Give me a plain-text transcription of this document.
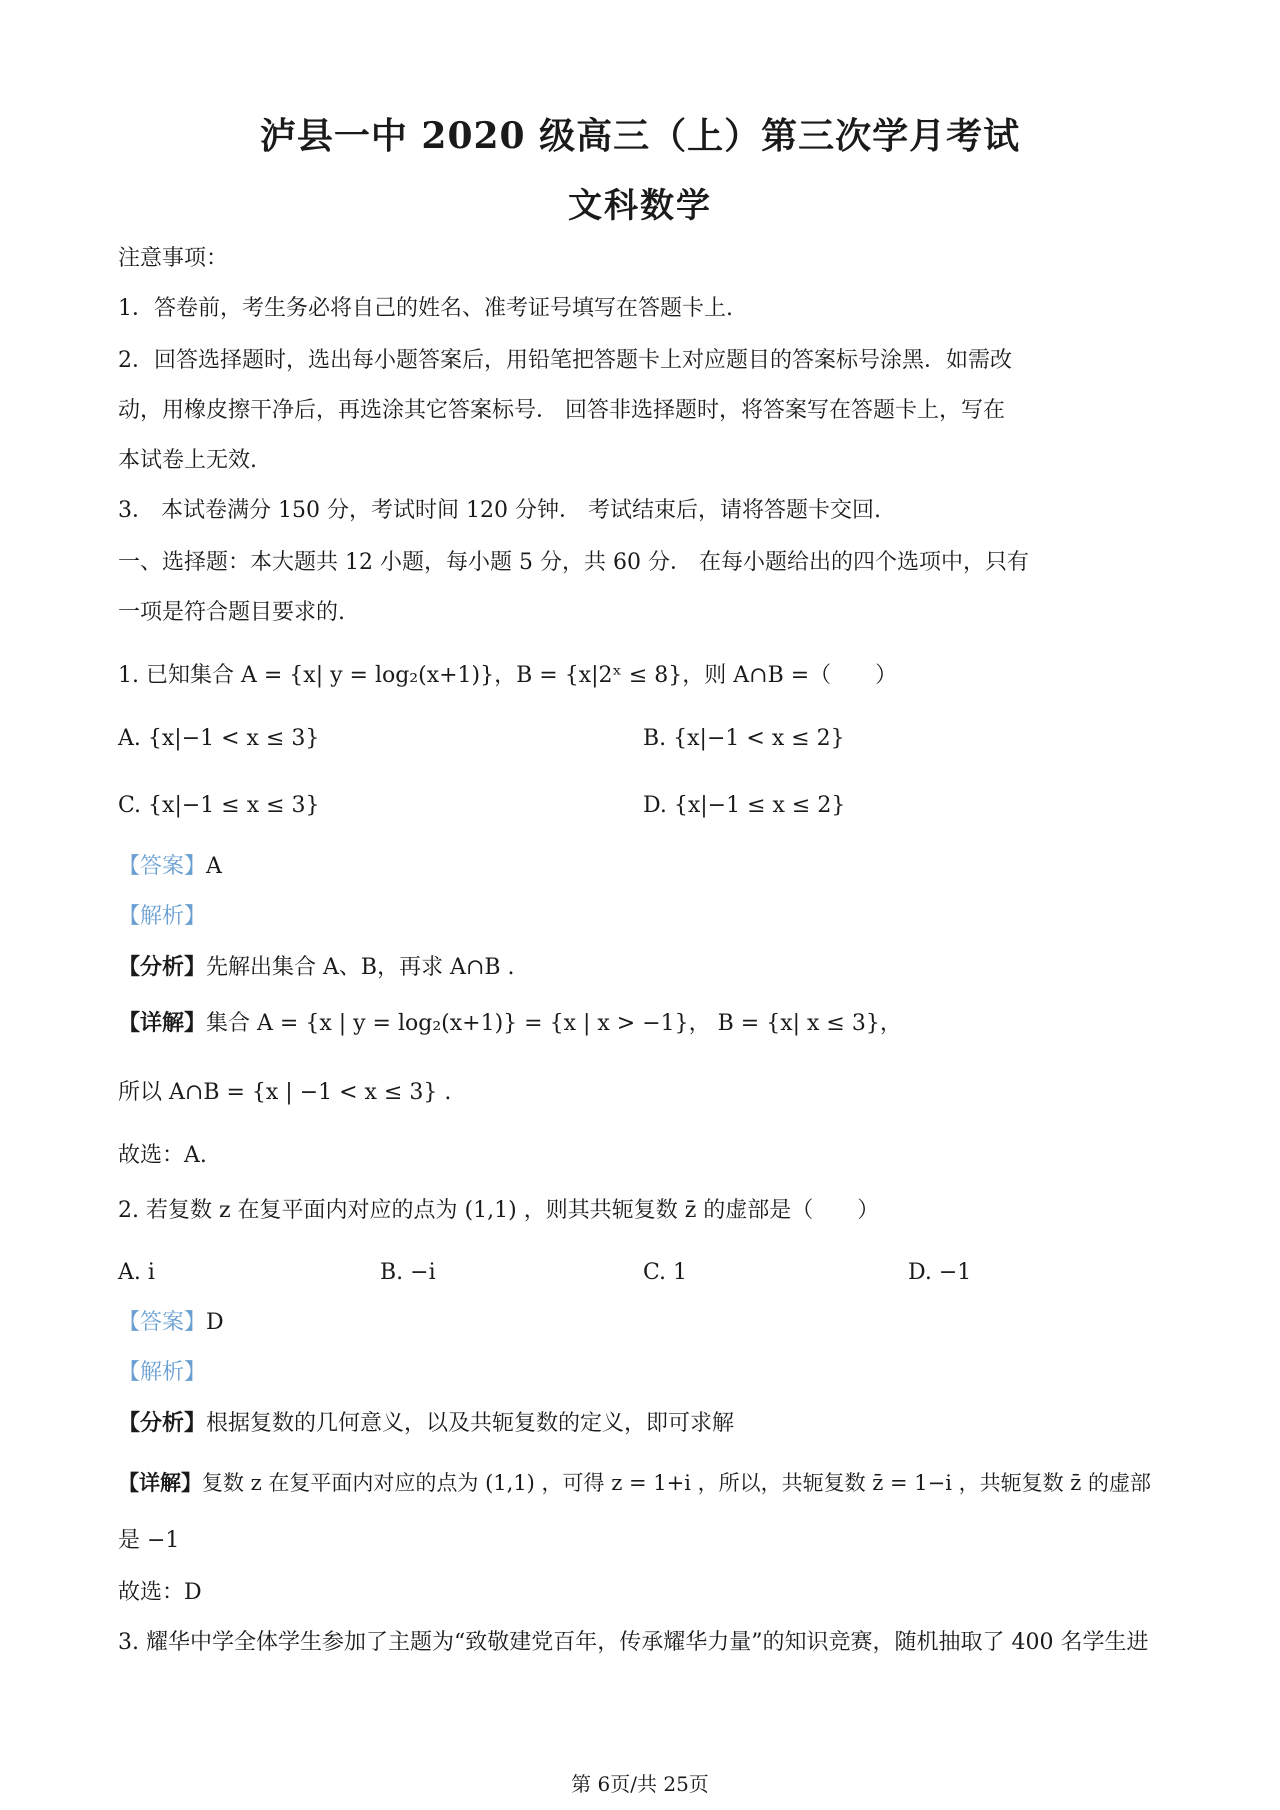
泸县一中 2020 级高三（上）第三次学月考试
文科数学
注意事项：
1．答卷前，考生务必将自己的姓名、准考证号填写在答题卡上.
2．回答选择题时，选出每小题答案后，用铅笔把答题卡上对应题目的答案标号涂黑．如需改
动，用橡皮擦干净后，再选涂其它答案标号． 回答非选择题时，将答案写在答题卡上，写在
本试卷上无效.
3． 本试卷满分 150 分，考试时间 120 分钟． 考试结束后，请将答题卡交回.
一、选择题：本大题共 12 小题，每小题 5 分，共 60 分． 在每小题给出的四个选项中，只有
一项是符合题目要求的.
1. 已知集合 A = {x| y = log₂(x+1)}，B = {x|2ˣ ≤ 8}，则 A∩B =（　　）
A. {x|−1 < x ≤ 3}	B. {x|−1 < x ≤ 2}
C. {x|−1 ≤ x ≤ 3}	D. {x|−1 ≤ x ≤ 2}
【答案】A
【解析】
【分析】先解出集合 A、B，再求 A∩B .
【详解】集合 A = {x | y = log₂(x+1)} = {x | x > −1}， B = {x| x ≤ 3}，
所以 A∩B = {x | −1 < x ≤ 3} .
故选：A.
2. 若复数 z 在复平面内对应的点为 (1,1) ，则其共轭复数 z̄ 的虚部是（　　）
A. i	B. −i	C. 1	D. −1
【答案】D
【解析】
【分析】根据复数的几何意义，以及共轭复数的定义，即可求解
【详解】复数 z 在复平面内对应的点为 (1,1) ，可得 z = 1+i ，所以，共轭复数 z̄ = 1−i ，共轭复数 z̄ 的虚部
是 −1
故选：D
3. 耀华中学全体学生参加了主题为“致敬建党百年，传承耀华力量”的知识竞赛，随机抽取了 400 名学生进
第 6页/共 25页
